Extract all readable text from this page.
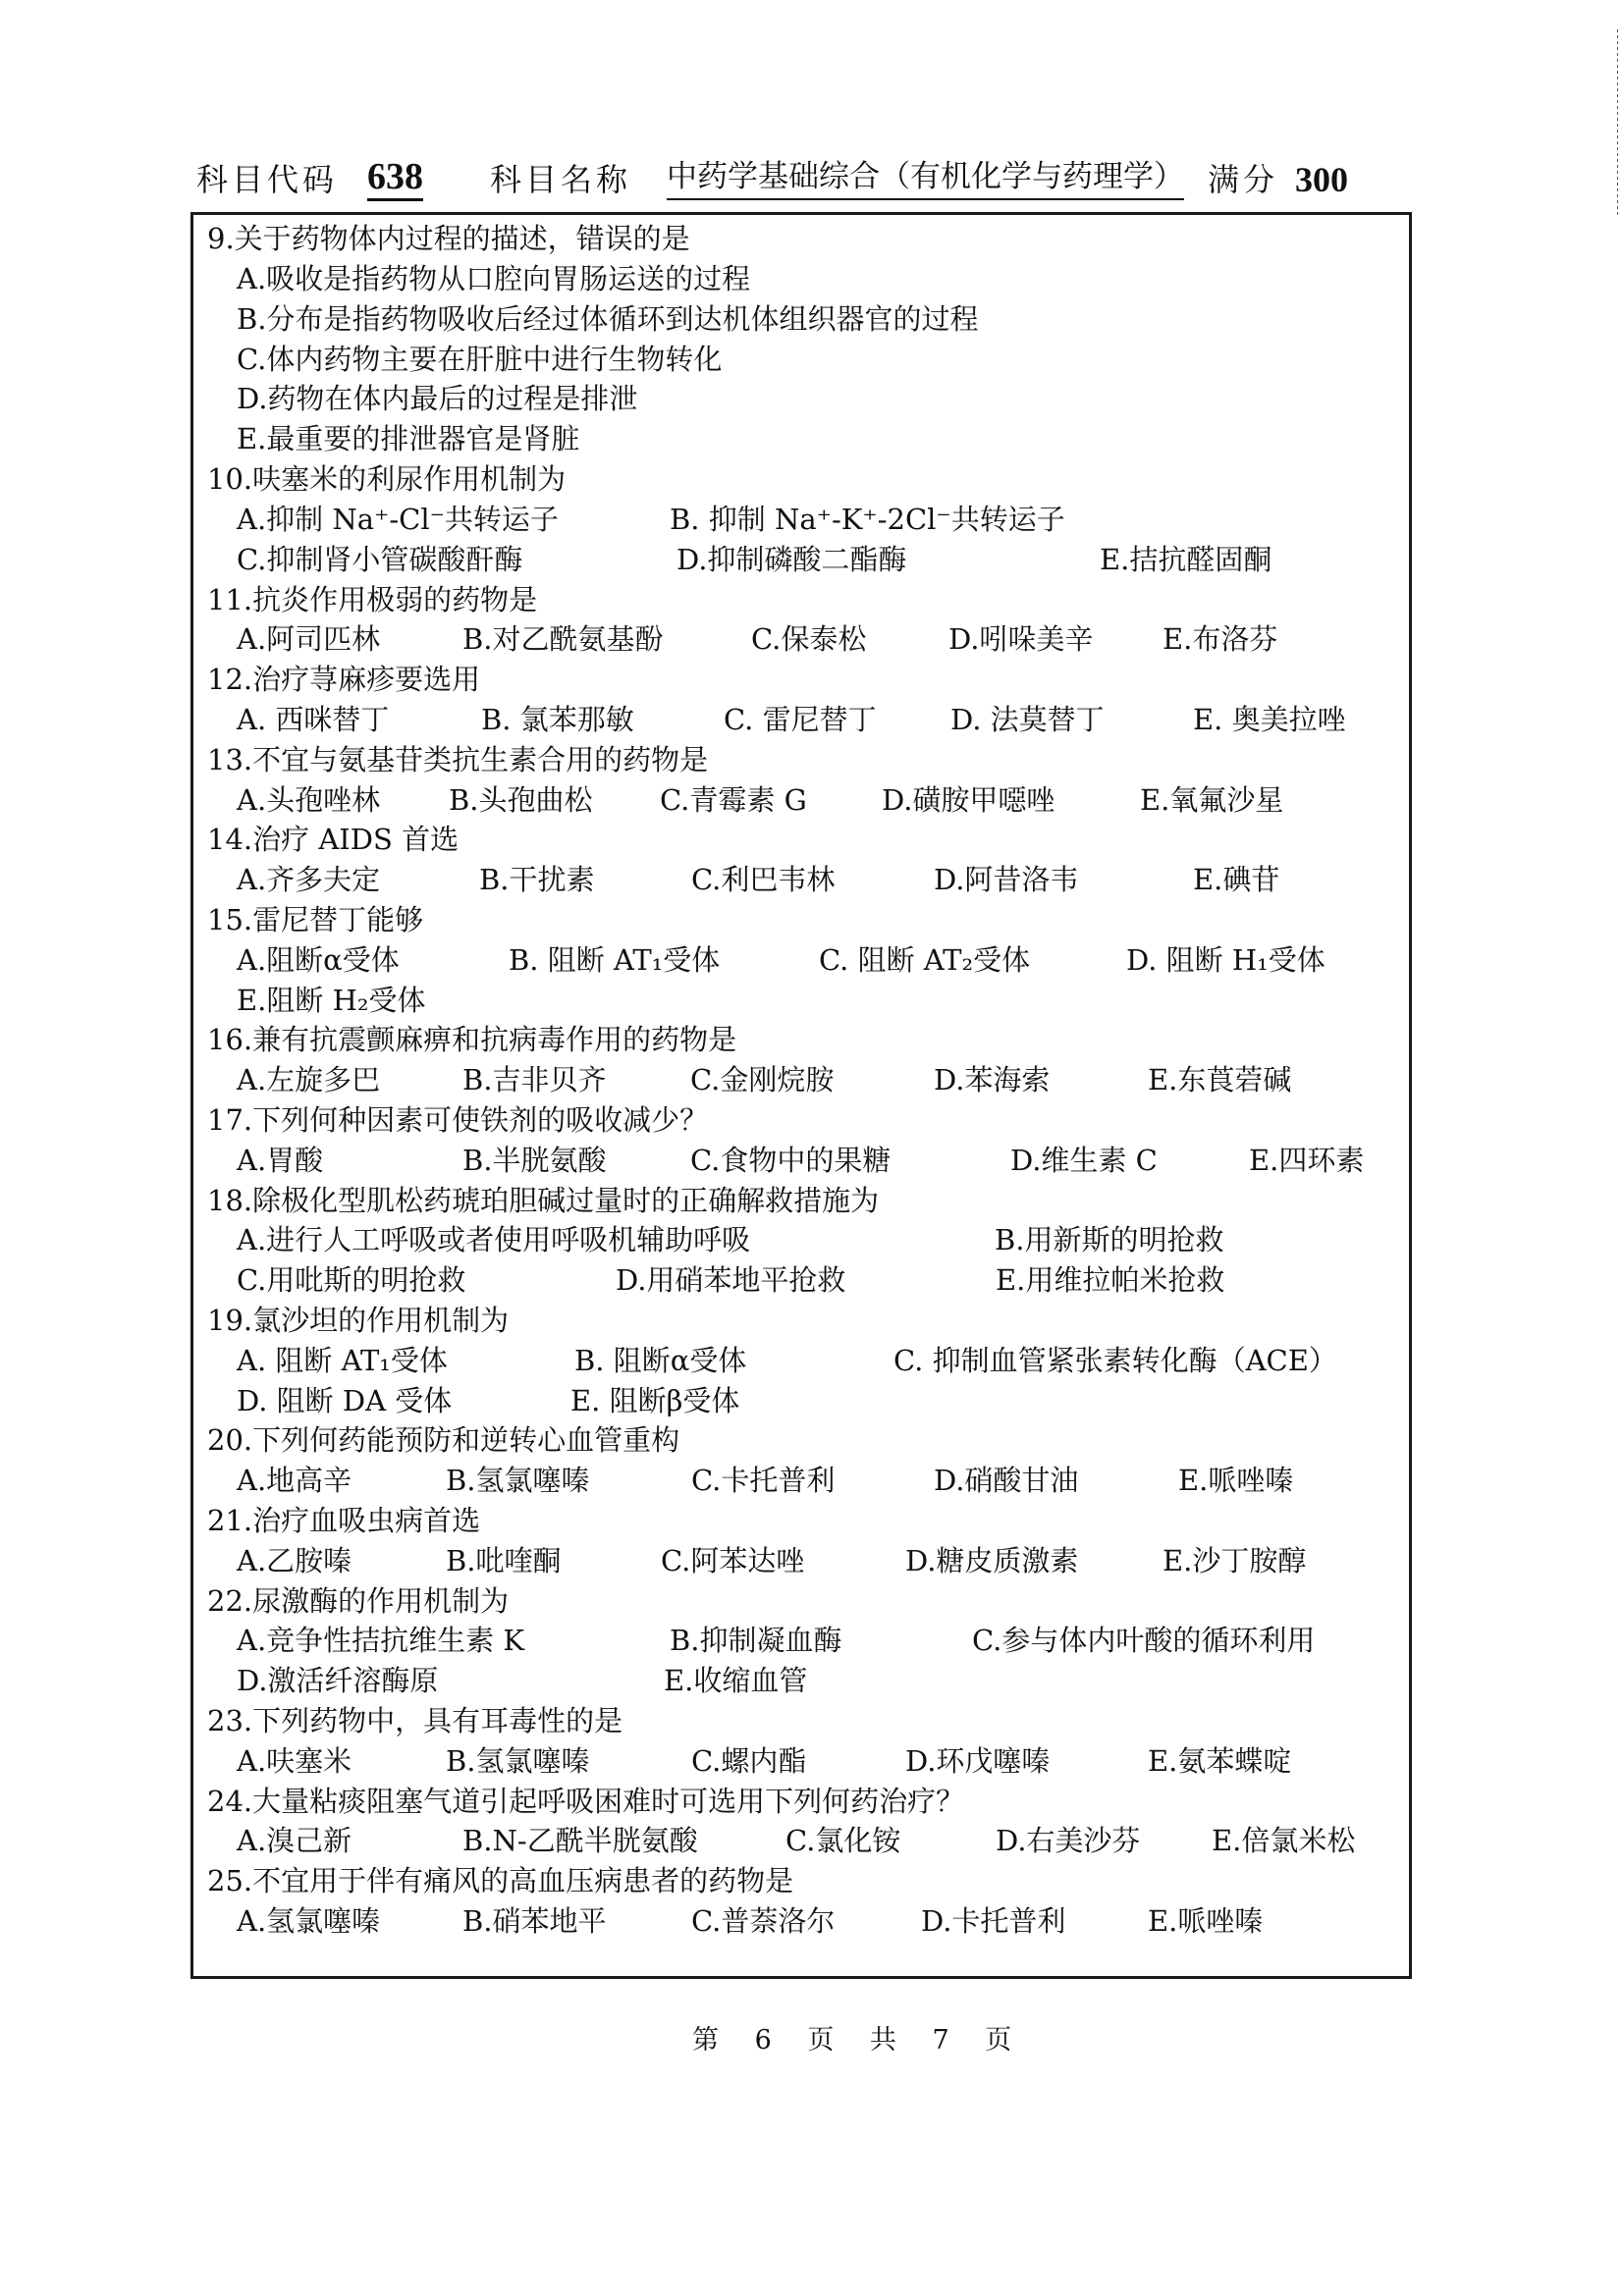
科目代码 638 科目名称 中药学基础综合（有机化学与药理学） 满分 300
9.关于药物体内过程的描述，错误的是
A.吸收是指药物从口腔向胃肠运送的过程
B.分布是指药物吸收后经过体循环到达机体组织器官的过程
C.体内药物主要在肝脏中进行生物转化
D.药物在体内最后的过程是排泄
E.最重要的排泄器官是肾脏
10.呋塞米的利尿作用机制为
A.抑制 Na⁺-Cl⁻共转运子	B. 抑制 Na⁺-K⁺-2Cl⁻共转运子
C.抑制肾小管碳酸酐酶	D.抑制磷酸二酯酶	E.拮抗醛固酮
11.抗炎作用极弱的药物是
A.阿司匹林	B.对乙酰氨基酚	C.保泰松	D.吲哚美辛 E.布洛芬
12.治疗荨麻疹要选用
A. 西咪替丁	B. 氯苯那敏	C. 雷尼替丁	D. 法莫替丁	E. 奥美拉唑
13.不宜与氨基苷类抗生素合用的药物是
A.头孢唑林 B.头孢曲松 C.青霉素 G	D.磺胺甲噁唑	E.氧氟沙星
14.治疗 AIDS 首选
A.齐多夫定	B.干扰素	C.利巴韦林	D.阿昔洛韦	E.碘苷
15.雷尼替丁能够
A.阻断α受体	B. 阻断 AT₁受体	C. 阻断 AT₂受体	D. 阻断 H₁受体
E.阻断 H₂受体
16.兼有抗震颤麻痹和抗病毒作用的药物是
A.左旋多巴	B.吉非贝齐	C.金刚烷胺	D.苯海索	E.东莨菪碱
17.下列何种因素可使铁剂的吸收减少？
A.胃酸	B.半胱氨酸	C.食物中的果糖	D.维生素 C	E.四环素
18.除极化型肌松药琥珀胆碱过量时的正确解救措施为
A.进行人工呼吸或者使用呼吸机辅助呼吸	B.用新斯的明抢救
C.用吡斯的明抢救	D.用硝苯地平抢救	E.用维拉帕米抢救
19.氯沙坦的作用机制为
A. 阻断 AT₁受体	B. 阻断α受体	C. 抑制血管紧张素转化酶（ACE）
D. 阻断 DA 受体	E. 阻断β受体
20.下列何药能预防和逆转心血管重构
A.地高辛	B.氢氯噻嗪	C.卡托普利	D.硝酸甘油	E.哌唑嗪
21.治疗血吸虫病首选
A.乙胺嗪	B.吡喹酮	C.阿苯达唑	D.糖皮质激素	E.沙丁胺醇
22.尿激酶的作用机制为
A.竞争性拮抗维生素 K	B.抑制凝血酶	C.参与体内叶酸的循环利用
D.激活纤溶酶原	E.收缩血管
23.下列药物中，具有耳毒性的是
A.呋塞米	B.氢氯噻嗪	C.螺内酯	D.环戊噻嗪	E.氨苯蝶啶
24.大量粘痰阻塞气道引起呼吸困难时可选用下列何药治疗？
A.溴己新	B.N-乙酰半胱氨酸	C.氯化铵	D.右美沙芬	E.倍氯米松
25.不宜用于伴有痛风的高血压病患者的药物是
A.氢氯噻嗪	B.硝苯地平	C.普萘洛尔	D.卡托普利	E.哌唑嗪
第 6 页 共 7 页
